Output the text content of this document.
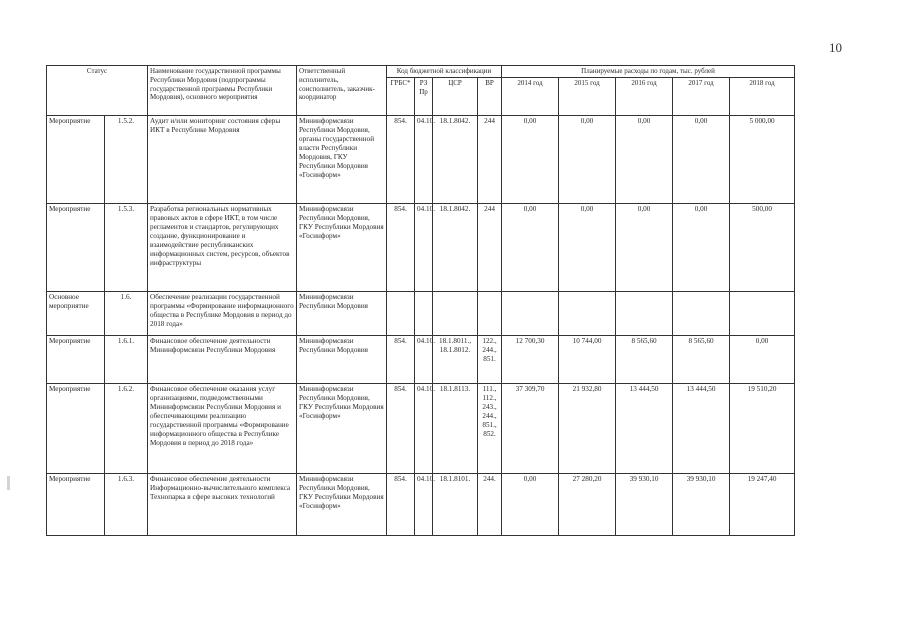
10
Статус		Наименование государственной программы Республики Мордовия (подпрограммы государственной программы Республики Мордовия), основного мероприятия	Ответственный исполнитель, соисполнитель, заказчик-координатор	Код бюджетной классификации				Планируемые расходы по годам, тыс. рублей				
				ГРБС*	РЗ Пр	ЦСР	ВР	2014 год	2015 год	2016 год	2017 год	2018 год
Мероприятие	1.5.2.	Аудит и/или мониторинг состояния сферы ИКТ в Республике Мордовия	Мининформсвязи Республики Мордовия, органы государственной власти Республики Мордовия, ГКУ Республики Мордовия «Госинформ»	854.	04.10.	18.1.8042.	244	0,00	0,00	0,00	0,00	5 000,00
Мероприятие	1.5.3.	Разработка региональных нормативных правовых актов в сфере ИКТ, в том числе регламентов и стандартов, регулирующих создание, функционирование и взаимодействие республиканских информационных систем, ресурсов, объектов инфраструктуры	Мининформсвязи Республики Мордовия, ГКУ Республики Мордовия «Госинформ»	854.	04.10.	18.1.8042.	244	0,00	0,00	0,00	0,00	500,00
Основное мероприятие	1.6.	Обеспечение реализации государственной программы «Формирование информационного общества в Республике Мордовия в период до 2018 года»	Мининформсвязи Республики Мордовия									
Мероприятие	1.6.1.	Финансовое обеспечение деятельности Мининформсвязи Республики Мордовия	Мининформсвязи Республики Мордовия	854.	04.10.	18.1.8011., 18.1.8012.	122., 244., 851.	12 700,30	10 744,00	8 565,60	8 565,60	0,00
Мероприятие	1.6.2.	Финансовое обеспечение оказания услуг организациями, подведомственными Мининформсвязи Республики Мордовия и обеспечивающими реализацию государственной программы «Формирование информационного общества в Республике Мордовия в период до 2018 года»	Мининформсвязи Республики Мордовия, ГКУ Республики Мордовия «Госинформ»	854.	04.10.	18.1.8113.	111., 112., 243., 244., 851., 852.	37 309,70	21 932,80	13 444,50	13 444,50	19 510,20
Мероприятие	1.6.3.	Финансовое обеспечение деятельности Информационно-вычислительного комплекса Технопарка в сфере высоких технологий	Мининформсвязи Республики Мордовия, ГКУ Республики Мордовия «Госинформ»	854.	04.10.	18.1.8101.	244.	0,00	27 280,20	39 930,10	39 930,10	19 247,40
